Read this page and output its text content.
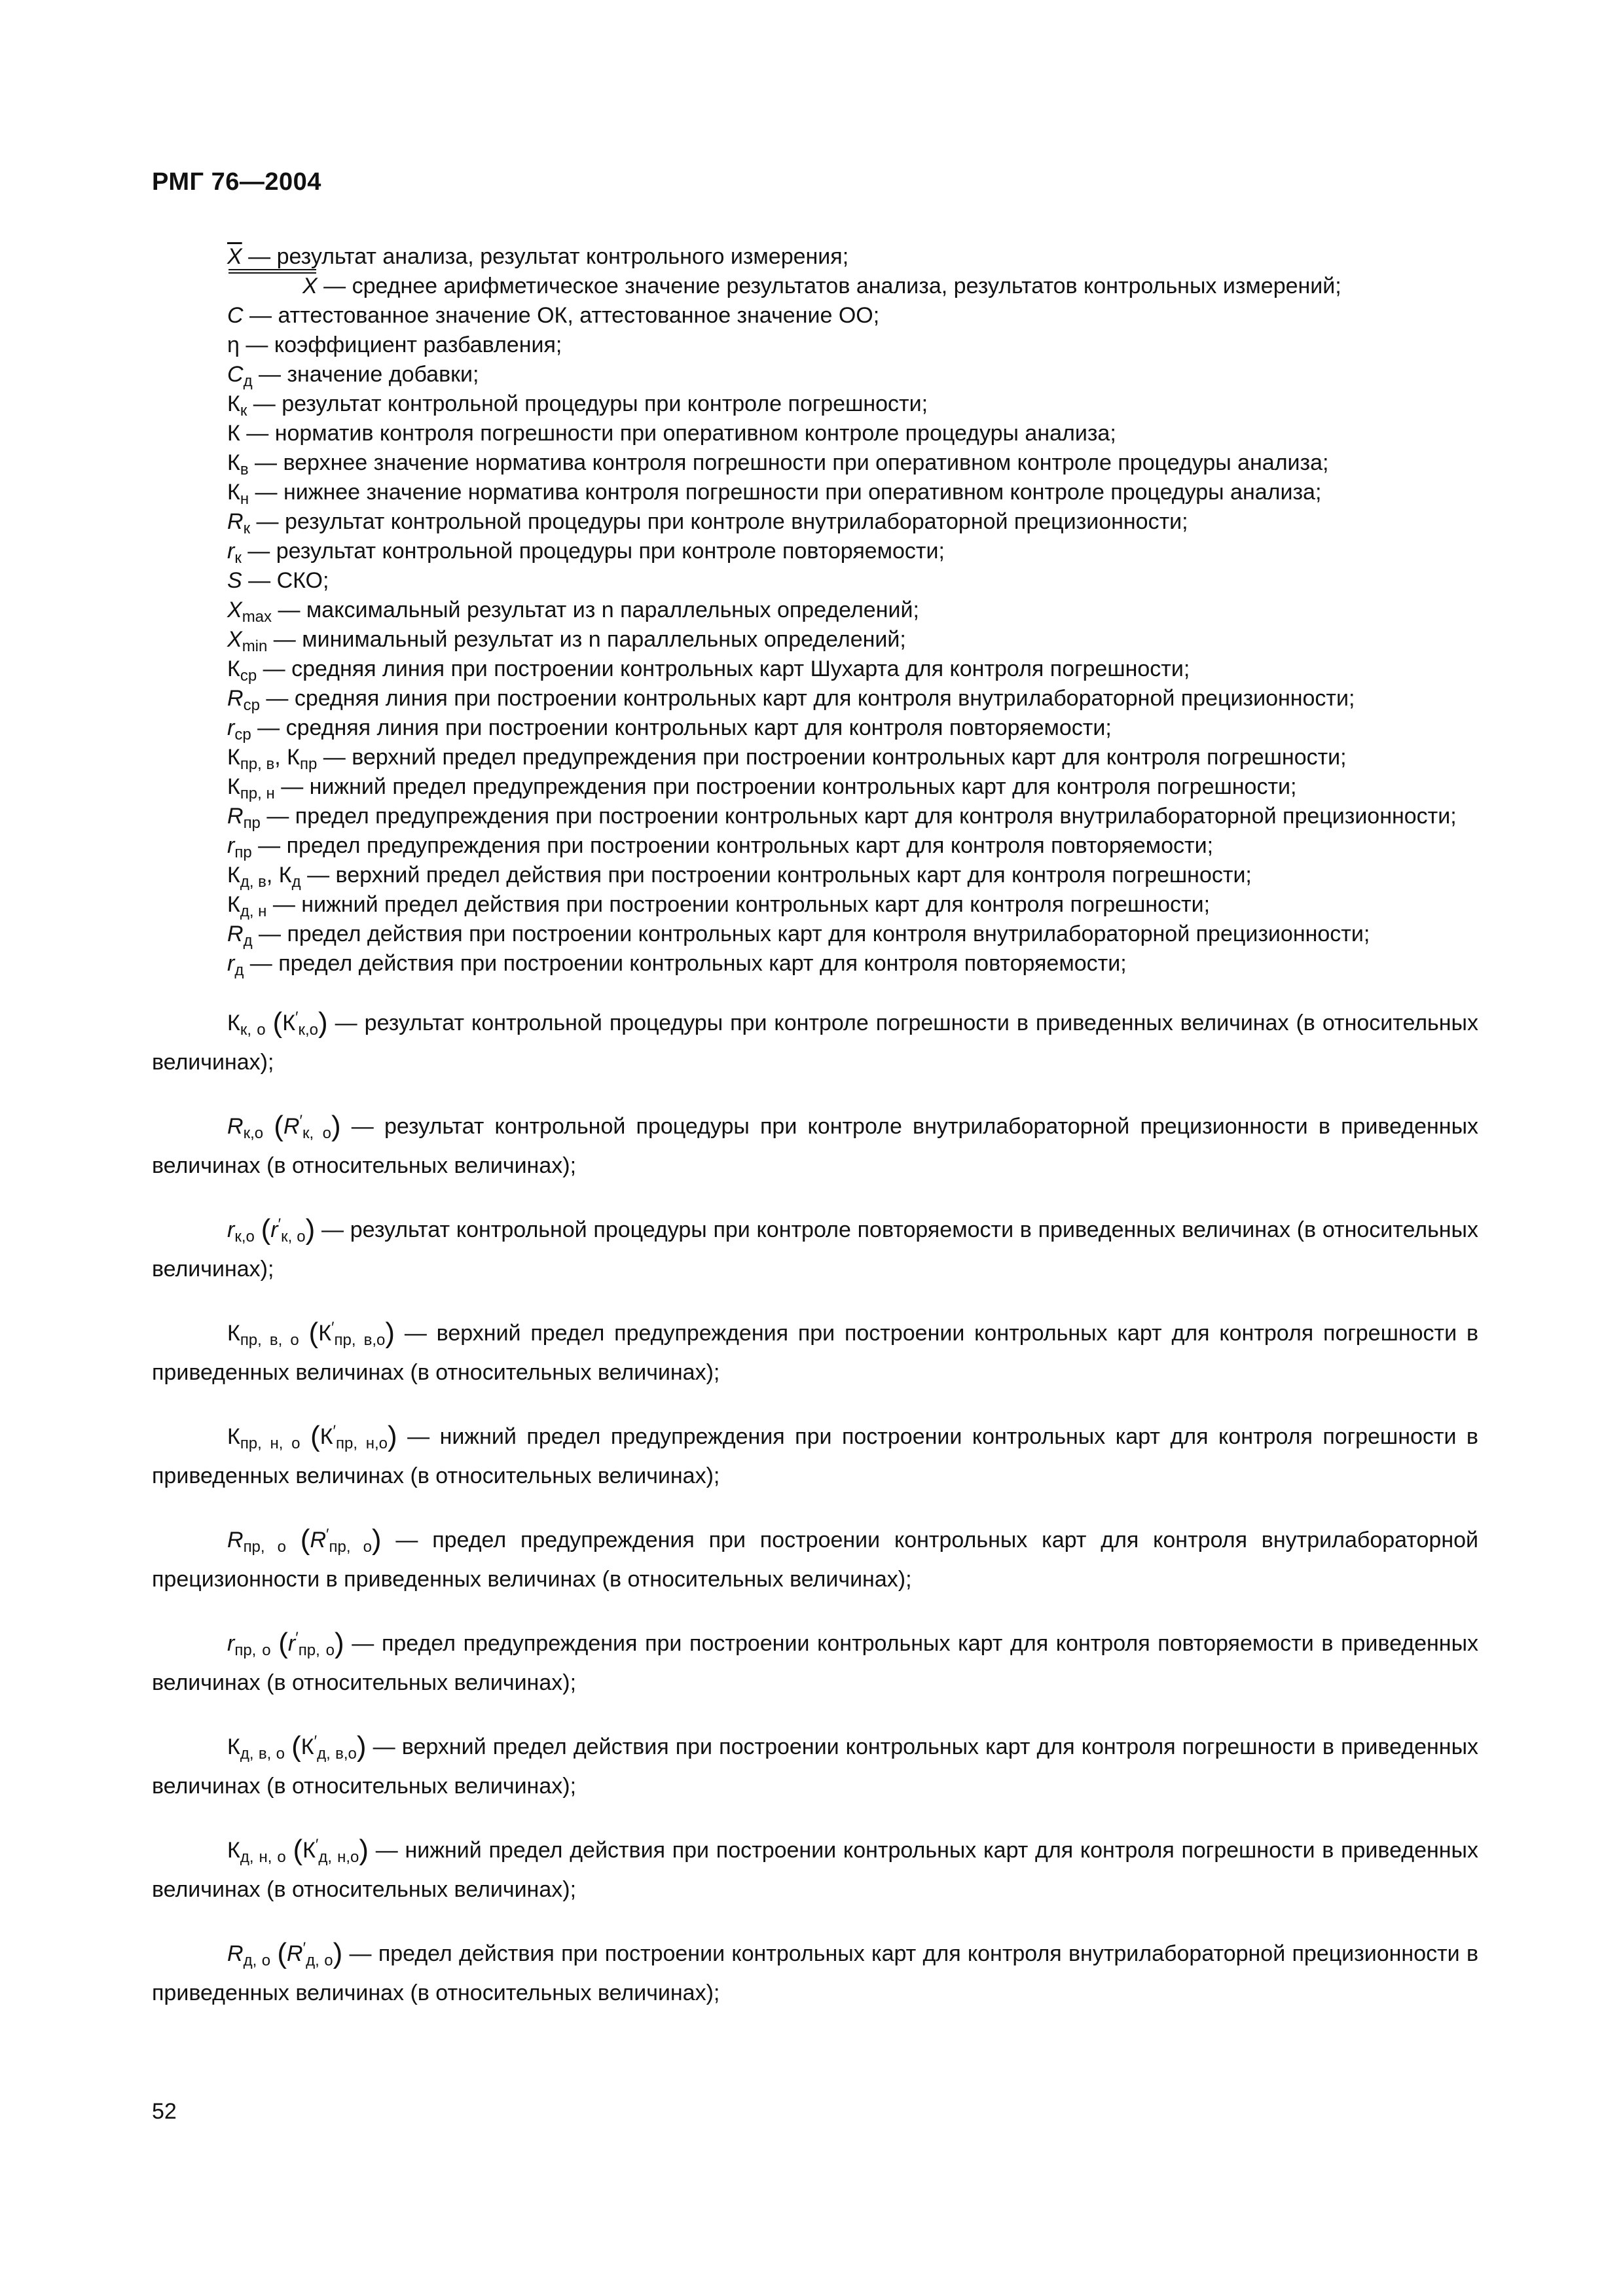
РМГ 76—2004

$\overline{X}$ — результат анализа, результат контрольного измерения;

X — среднее арифметическое значение результатов анализа, результатов контрольных измерений;

C — аттестованное значение ОК, аттестованное значение ОО;

η — коэффициент разбавления;

$C_д$ — значение добавки;

$К_к$ — результат контрольной процедуры при контроле погрешности;

К — норматив контроля погрешности при оперативном контроле процедуры анализа;

$К_в$ — верхнее значение норматива контроля погрешности при оперативном контроле процедуры анализа;

$К_н$ — нижнее значение норматива контроля погрешности при оперативном контроле процедуры анализа;

$R_к$ — результат контрольной процедуры при контроле внутрилабораторной прецизионности;

$r_к$ — результат контрольной процедуры при контроле повторяемости;

S — СКО;

$X_{max}$ — максимальный результат из n параллельных определений;

$X_{min}$ — минимальный результат из n параллельных определений;

$К_{ср}$ — средняя линия при построении контрольных карт Шухарта для контроля погрешности;

$R_{ср}$ — средняя линия при построении контрольных карт для контроля внутрилабораторной прецизионности;

$r_{ср}$ — средняя линия при построении контрольных карт для контроля повторяемости;

$К_{пр, в}$, $К_{пр}$ — верхний предел предупреждения при построении контрольных карт для контроля погрешности;

$К_{пр, н}$ — нижний предел предупреждения при построении контрольных карт для контроля погрешности;

$R_{пр}$ — предел предупреждения при построении контрольных карт для контроля внутрилабораторной прецизионности;

$r_{пр}$ — предел предупреждения при построении контрольных карт для контроля повторяемости;

$К_{д, в}$, $К_д$ — верхний предел действия при построении контрольных карт для контроля погрешности;

$К_{д, н}$ — нижний предел действия при построении контрольных карт для контроля погрешности;

$R_д$ — предел действия при построении контрольных карт для контроля внутрилабораторной прецизионности;

$r_д$ — предел действия при построении контрольных карт для контроля повторяемости;

$К_{к, о}$ $(К'_{к,о})$ — результат контрольной процедуры при контроле погрешности в приведенных величинах (в относительных величинах);

$R_{к,о}$ $(R'_{к, о})$ — результат контрольной процедуры при контроле внутрилабораторной прецизионности в приведенных величинах (в относительных величинах);

$r_{к,о}$ $(r'_{к, о})$ — результат контрольной процедуры при контроле повторяемости в приведенных величинах (в относительных величинах);

$К_{пр, в, о}$ $(К'_{пр, в,о})$ — верхний предел предупреждения при построении контрольных карт для контроля погрешности в приведенных величинах (в относительных величинах);

$К_{пр, н, о}$ $(К'_{пр, н,о})$ — нижний предел предупреждения при построении контрольных карт для контроля погрешности в приведенных величинах (в относительных величинах);

$R_{пр, о}$ $(R'_{пр, о})$ — предел предупреждения при построении контрольных карт для контроля внутрилабораторной прецизионности в приведенных величинах (в относительных величинах);

$r_{пр, о}$ $(r'_{пр, о})$ — предел предупреждения при построении контрольных карт для контроля повторяемости в приведенных величинах (в относительных величинах);

$К_{д, в, о}$ $(К'_{д, в,о})$ — верхний предел действия при построении контрольных карт для контроля погрешности в приведенных величинах (в относительных величинах);

$К_{д, н, о}$ $(К'_{д, н,о})$ — нижний предел действия при построении контрольных карт для контроля погрешности в приведенных величинах (в относительных величинах);

$R_{д, о}$ $(R'_{д, о})$ — предел действия при построении контрольных карт для контроля внутрилабораторной прецизионности в приведенных величинах (в относительных величинах);

52
